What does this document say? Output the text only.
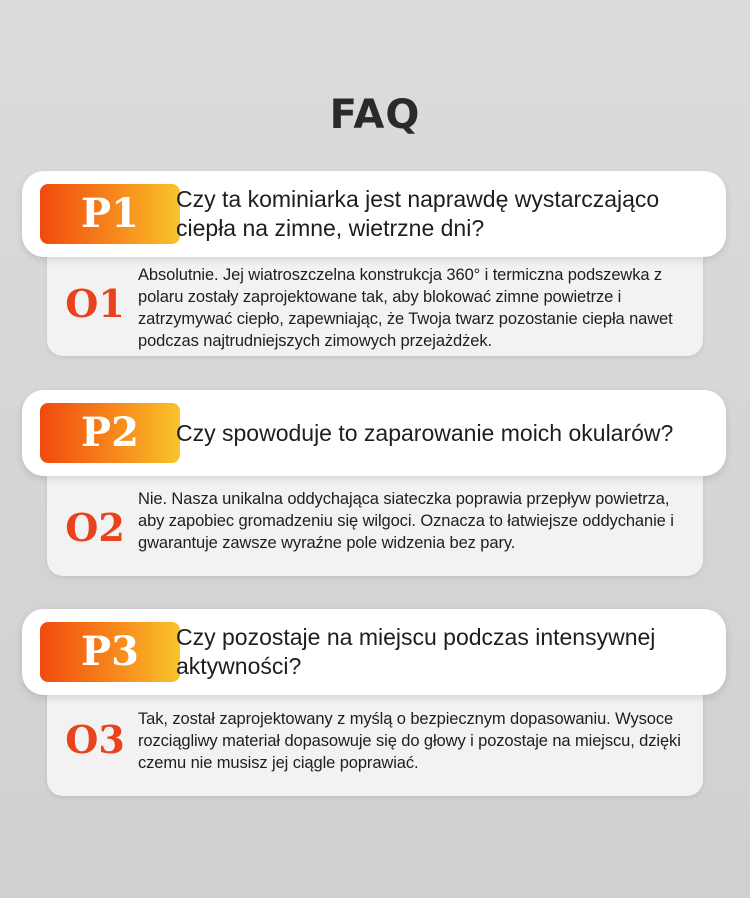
FAQ
O1
Absolutnie. Jej wiatroszczelna konstrukcja 360° i termiczna podszewka z polaru zostały zaprojektowane tak, aby blokować zimne powietrze i zatrzymywać ciepło, zapewniając, że Twoja twarz pozostanie ciepła nawet podczas najtrudniejszych zimowych przejażdżek.
P1	Czy ta kominiarka jest naprawdę wystarczająco ciepła na zimne, wietrzne dni?
O2
Nie. Nasza unikalna oddychająca siateczka poprawia przepływ powietrza, aby zapobiec gromadzeniu się wilgoci. Oznacza to łatwiejsze oddychanie i gwarantuje zawsze wyraźne pole widzenia bez pary.
P2	Czy spowoduje to zaparowanie moich okularów?
O3 Tak, został zaprojektowany z myślą o bezpiecznym dopasowaniu. Wysoce rozciągliwy materiał dopasowuje się do głowy i pozostaje na miejscu, dzięki czemu nie musisz jej ciągle poprawiać.
P3	Czy pozostaje na miejscu podczas intensywnej aktywności?
